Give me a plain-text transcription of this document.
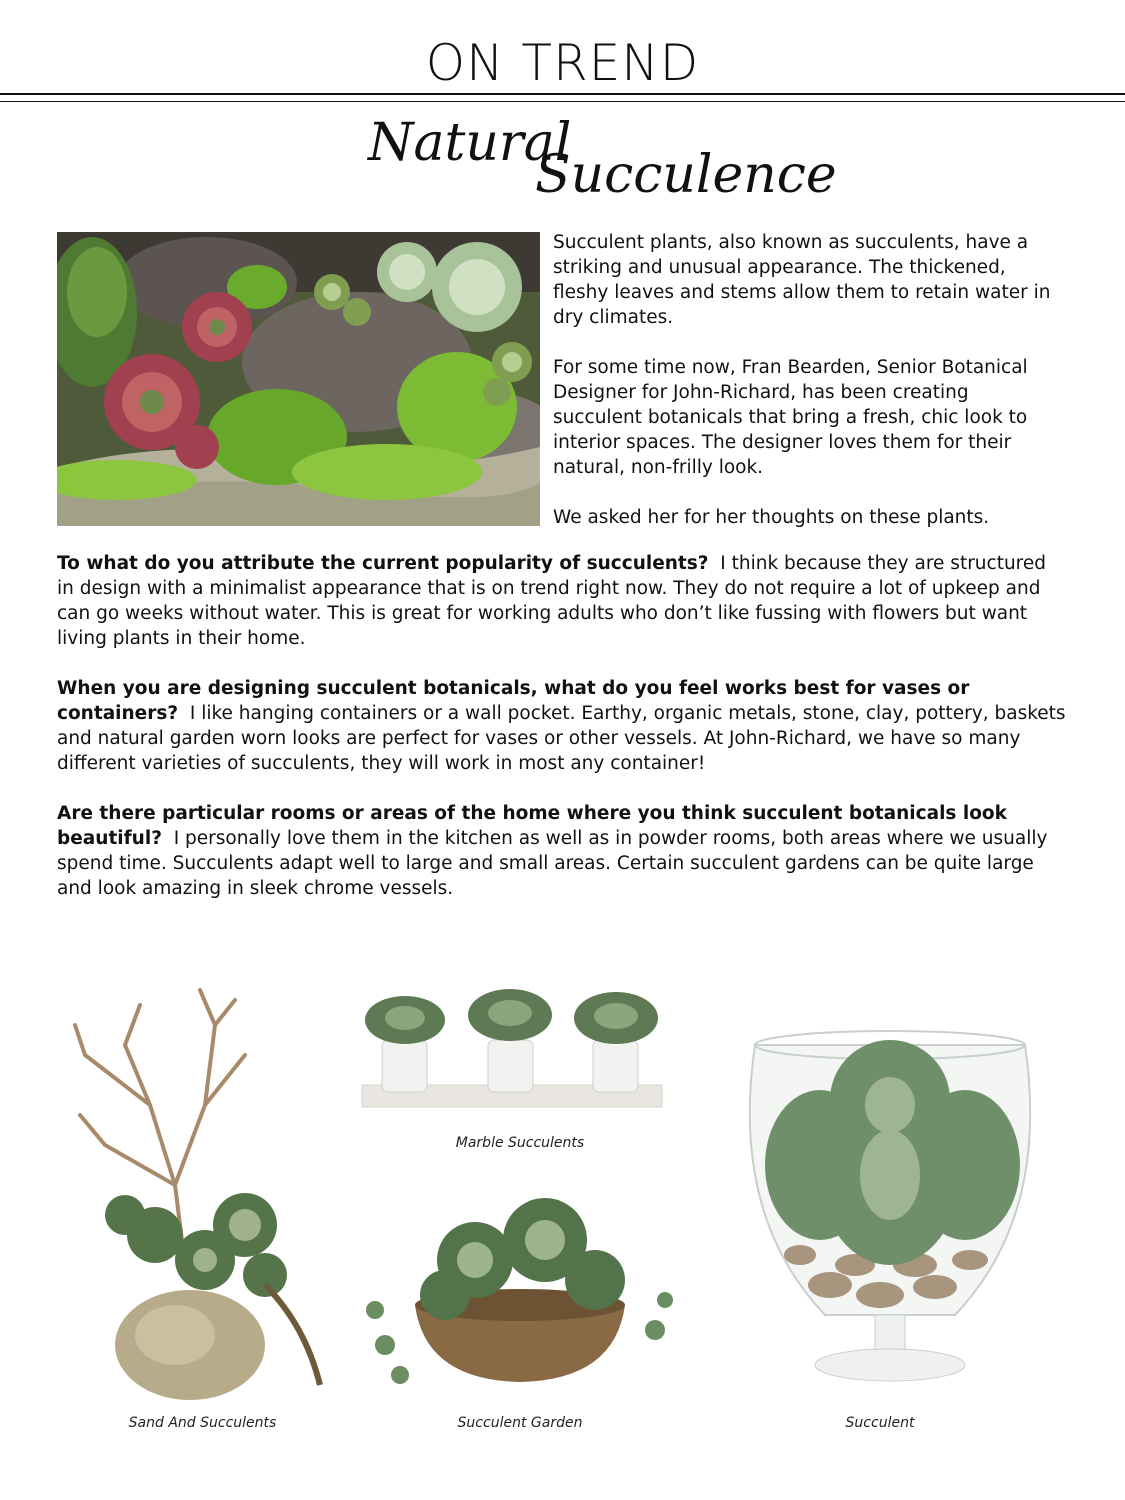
ON TREND
Natural
Succulence

Succulent plants, also known as succulents, have a striking and unusual appearance. The thickened, fleshy leaves and stems allow them to retain water in dry climates.

For some time now, Fran Bearden, Senior Botanical Designer for John-Richard, has been creating succulent botanicals that bring a fresh, chic look to interior spaces. The designer loves them for their natural, non-frilly look.

We asked her for her thoughts on these plants.

To what do you attribute the current popularity of succulents? I think because they are structured in design with a minimalist appearance that is on trend right now. They do not require a lot of upkeep and can go weeks without water. This is great for working adults who don’t like fussing with flowers but want living plants in their home.
When you are designing succulent botanicals, what do you feel works best for vases or containers? I like hanging containers or a wall pocket. Earthy, organic metals, stone, clay, pottery, baskets and natural garden worn looks are perfect for vases or other vessels. At John-Richard, we have so many different varieties of succulents, they will work in most any container!
Are there particular rooms or areas of the home where you think succulent botanicals look beautiful? I personally love them in the kitchen as well as in powder rooms, both areas where we usually spend time. Succulents adapt well to large and small areas. Certain succulent gardens can be quite large and look amazing in sleek chrome vessels.
Sand And Succulents
Marble Succulents
Succulent Garden	Succulent
